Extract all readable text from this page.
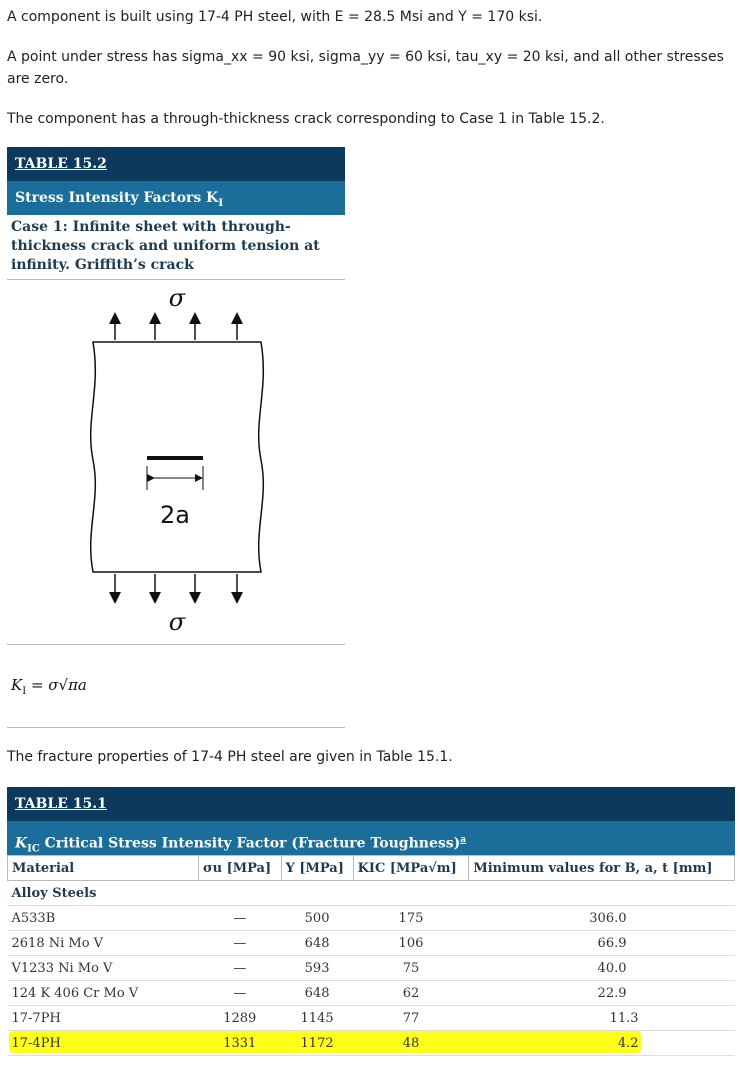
A component is built using 17-4 PH steel, with E = 28.5 Msi and Y = 170 ksi.

A point under stress has sigma_xx = 90 ksi, sigma_yy = 60 ksi, tau_xy = 20 ksi, and all other stresses are zero.

The component has a through-thickness crack corresponding to Case 1 in Table 15.2.

TABLE 15.2
Stress Intensity Factors $K_I$
Case 1: Infinite sheet with through-thickness crack and uniform tension at infinity. Griffith’s crack
σ
2a
σ
$K_I = \sigma√\pi a$

The fracture properties of 17-4 PH steel are given in Table 15.1.

TABLE 15.1
$K_{IC}$ Critical Stress Intensity Factor (Fracture Toughness)$^a$
Material	σu [MPa]	Y [MPa]	KIC [MPa√m]	Minimum values for B, a, t [mm]
Alloy Steels				
A533B	—	500	175	306.0
2618 Ni Mo V	—	648	106	66.9
V1233 Ni Mo V	—	593	75	40.0
124 K 406 Cr Mo V	—	648	62	22.9
17-7PH	1289	1145	77	11.3
17-4PH	1331	1172	48	4.2
